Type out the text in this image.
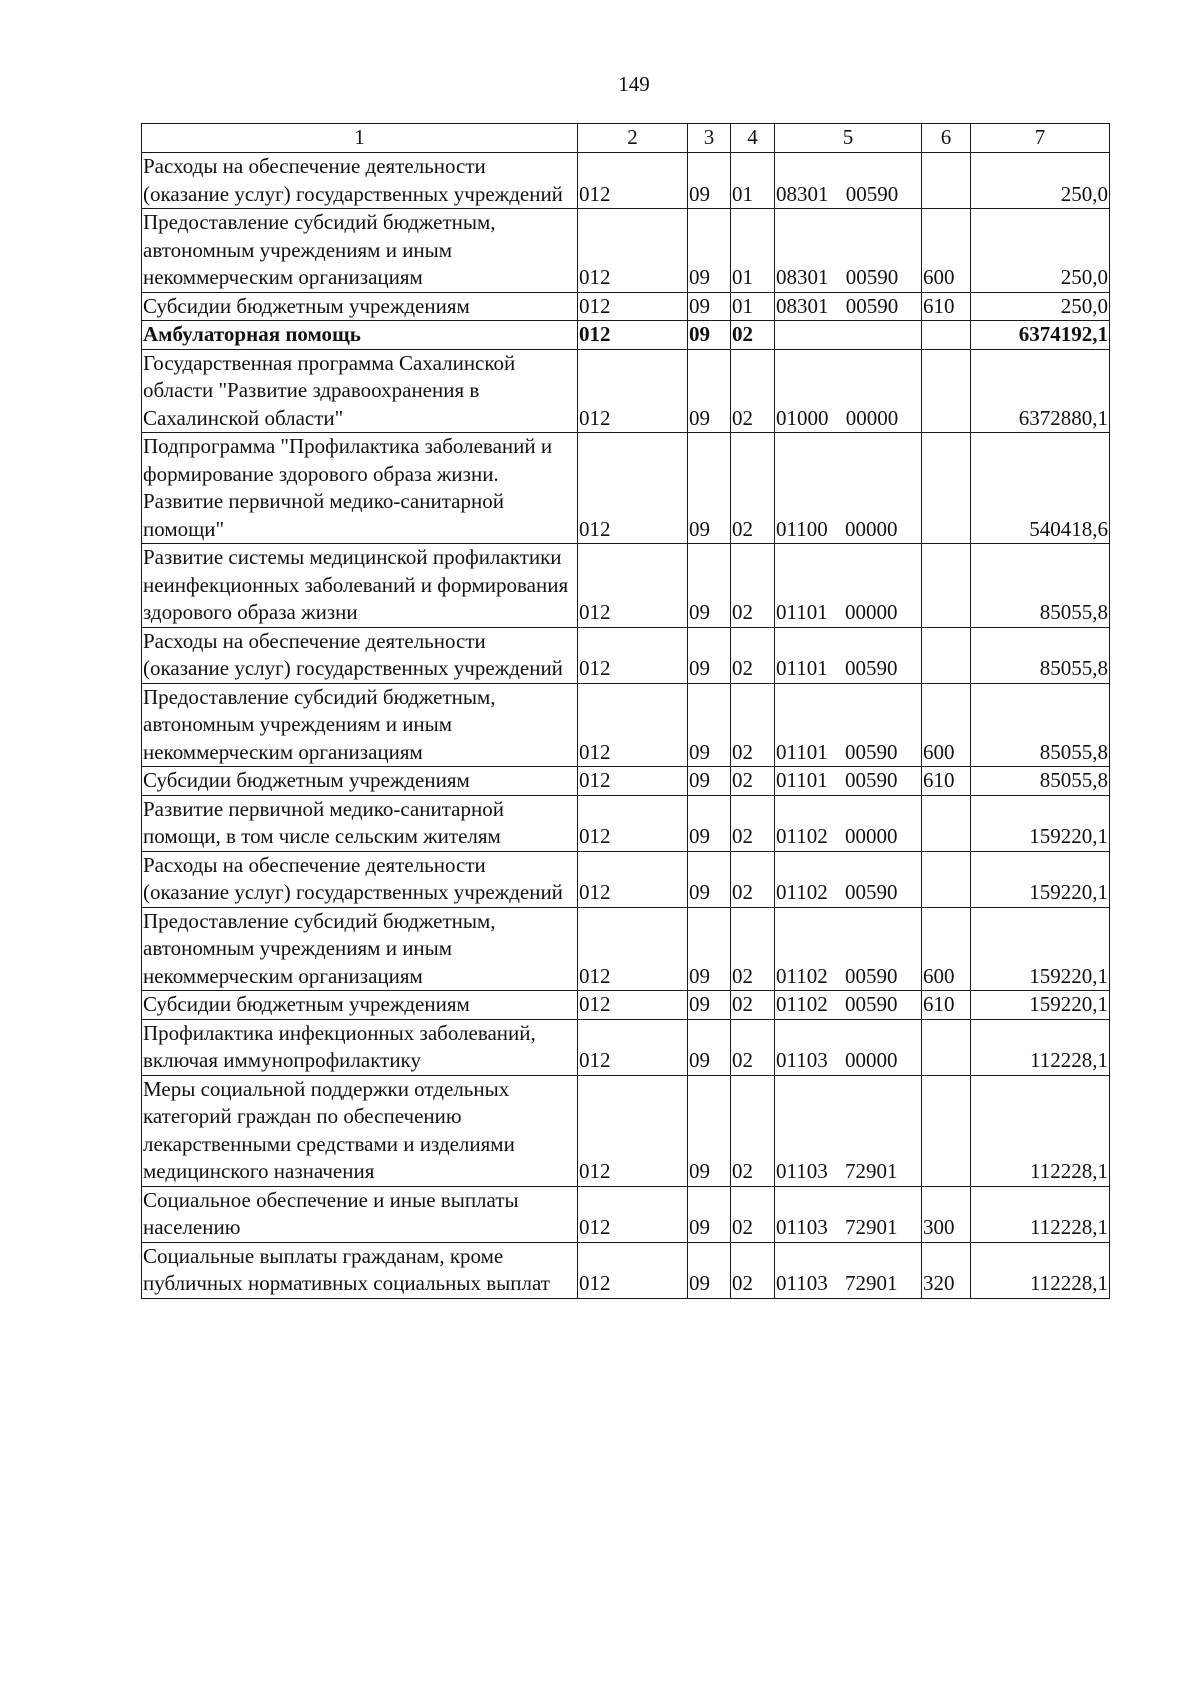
149
1	2	3	4	5	6	7
Расходы на обеспечение деятельности (оказание услуг) государственных учреждений	012	09	01	08301 00590		250,0
Предоставление субсидий бюджетным, автономным учреждениям и иным некоммерческим организациям	012	09	01	08301 00590	600	250,0
Субсидии бюджетным учреждениям	012	09	01	08301 00590	610	250,0
Амбулаторная помощь	012	09	02			6374192,1
Государственная программа Сахалинской области "Развитие здравоохранения в Сахалинской области"	012	09	02	01000 00000		6372880,1
Подпрограмма "Профилактика заболеваний и формирование здорового образа жизни. Развитие первичной медико-санитарной помощи"	012	09	02	01100 00000		540418,6
Развитие системы медицинской профилактики неинфекционных заболеваний и формирования здорового образа жизни	012	09	02	01101 00000		85055,8
Расходы на обеспечение деятельности (оказание услуг) государственных учреждений	012	09	02	01101 00590		85055,8
Предоставление субсидий бюджетным, автономным учреждениям и иным некоммерческим организациям	012	09	02	01101 00590	600	85055,8
Субсидии бюджетным учреждениям	012	09	02	01101 00590	610	85055,8
Развитие первичной медико-санитарной помощи, в том числе сельским жителям	012	09	02	01102 00000		159220,1
Расходы на обеспечение деятельности (оказание услуг) государственных учреждений	012	09	02	01102 00590		159220,1
Предоставление субсидий бюджетным, автономным учреждениям и иным некоммерческим организациям	012	09	02	01102 00590	600	159220,1
Субсидии бюджетным учреждениям	012	09	02	01102 00590	610	159220,1
Профилактика инфекционных заболеваний, включая иммунопрофилактику	012	09	02	01103 00000		112228,1
Меры социальной поддержки отдельных категорий граждан по обеспечению лекарственными средствами и изделиями медицинского назначения	012	09	02	01103 72901		112228,1
Социальное обеспечение и иные выплаты населению	012	09	02	01103 72901	300	112228,1
Социальные выплаты гражданам, кроме публичных нормативных социальных выплат	012	09	02	01103 72901	320	112228,1
